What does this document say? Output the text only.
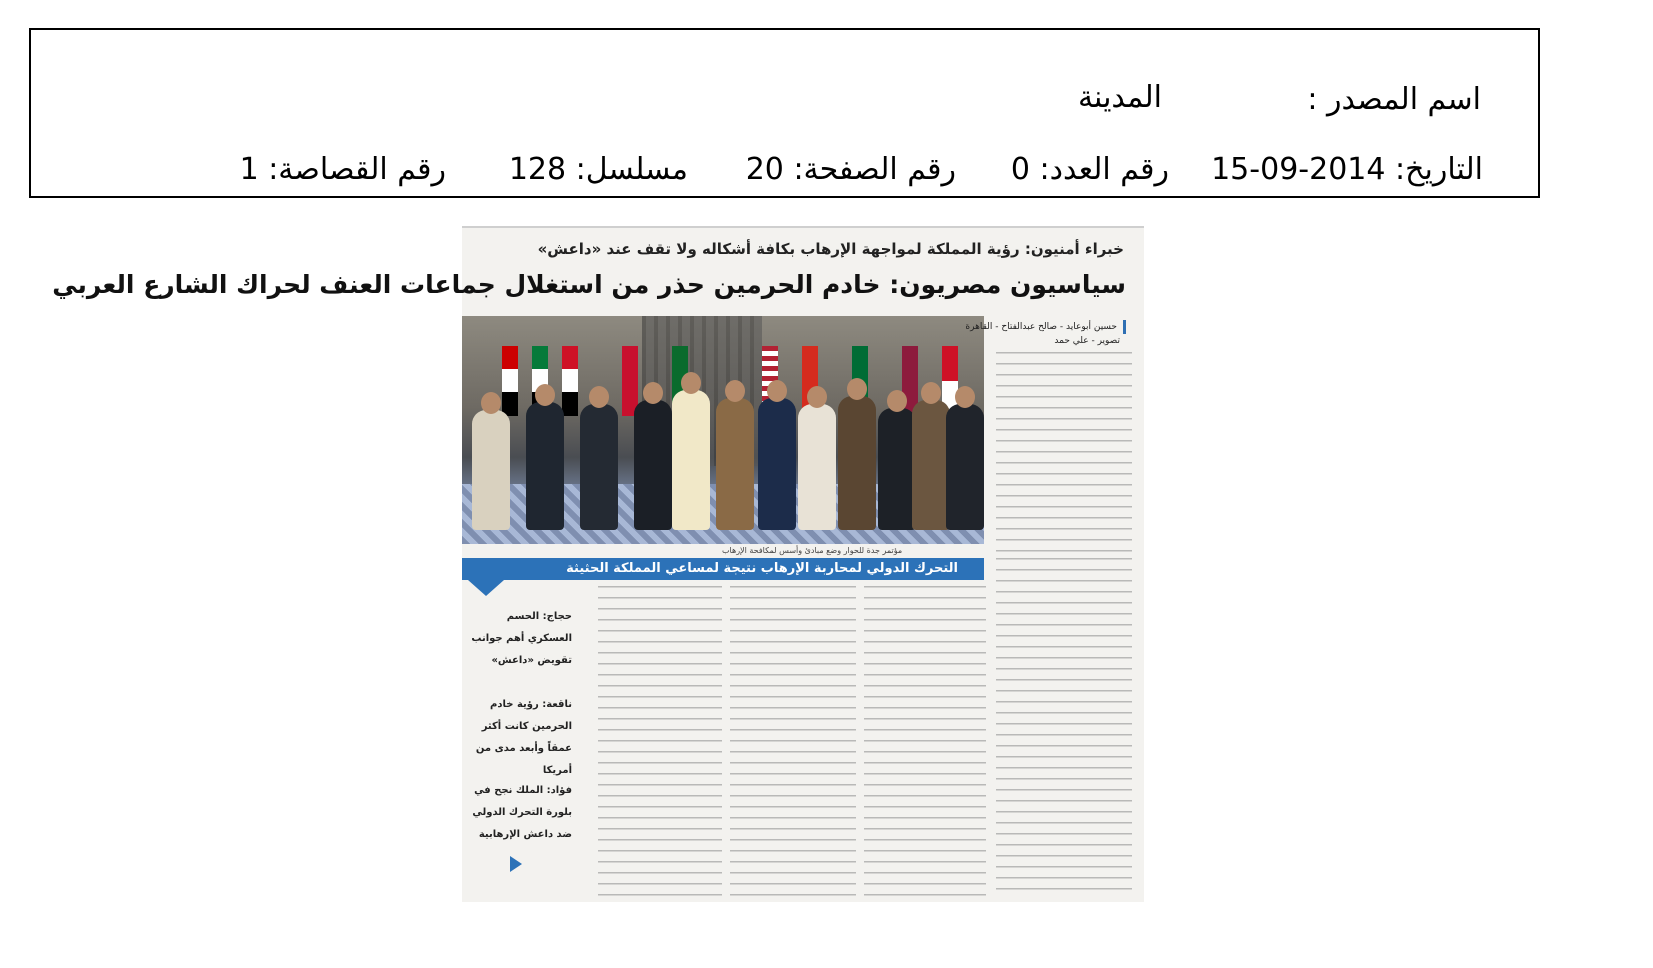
اسم المصدر :
المدينة
التاريخ: 2014-09-15
رقم العدد: 0
رقم الصفحة: 20
مسلسل: 128
رقم القصاصة: 1
خبراء أمنيون: رؤية المملكة لمواجهة الإرهاب بكافة أشكاله ولا تقف عند «داعش»
سياسيون مصريون: خادم الحرمين حذر من استغلال جماعات العنف لحراك الشارع العربي
مؤتمر جدة للحوار وضع مبادئ وأسس لمكافحة الإرهاب
حسين أبوعايد - صالح عبدالفتاح - القاهرة
تصوير - علي حمد
التحرك الدولي لمحاربة الإرهاب نتيجة لمساعي المملكة الحثيثة
حجاج: الحسم العسكري أهم جوانب تقويض «داعش»
ناقعة: رؤية خادم الحرمين كانت أكثر عمقاً وأبعد مدى من أمريكا
فؤاد: الملك نجح في بلورة التحرك الدولي ضد داعش الإرهابية
